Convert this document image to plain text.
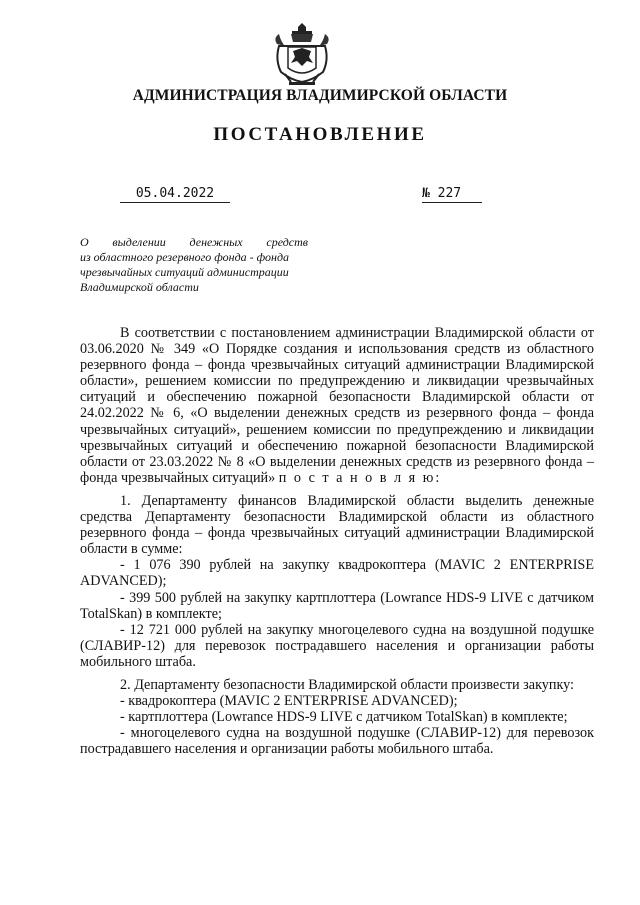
АДМИНИСТРАЦИЯ ВЛАДИМИРСКОЙ ОБЛАСТИ
ПОСТАНОВЛЕНИЕ
05.04.2022	№ 227
О выделении денежных средств
из областного резервного фонда - фонда
чрезвычайных ситуаций администрации
Владимирской области

В соответствии с постановлением администрации Владимирской области от 03.06.2020 № 349 «О Порядке создания и использования средств из областного резервного фонда – фонда чрезвычайных ситуаций администрации Владимирской области», решением комиссии по предупреждению и ликвидации чрезвычайных ситуаций и обеспечению пожарной безопасности Владимирской области от 24.02.2022 № 6, «О выделении денежных средств из резервного фонда – фонда чрезвычайных ситуаций», решением комиссии по предупреждению и ликвидации чрезвычайных ситуаций и обеспечению пожарной безопасности Владимирской области от 23.03.2022 № 8 «О выделении денежных средств из резервного фонда – фонда чрезвычайных ситуаций» п о с т а н о в л я ю:

1. Департаменту финансов Владимирской области выделить денежные средства Департаменту безопасности Владимирской области из областного резервного фонда – фонда чрезвычайных ситуаций администрации Владимирской области в сумме:

- 1 076 390 рублей на закупку квадрокоптера (MAVIC 2 ENTERPRISE ADVANCED);

- 399 500 рублей на закупку картплоттера (Lowrance HDS-9 LIVE с датчиком TotalSkan) в комплекте;

- 12 721 000 рублей на закупку многоцелевого судна на воздушной подушке (СЛАВИР-12) для перевозок пострадавшего населения и организации работы мобильного штаба.

2. Департаменту безопасности Владимирской области произвести закупку:

- квадрокоптера (MAVIC 2 ENTERPRISE ADVANCED);

- картплоттера (Lowrance HDS-9 LIVE с датчиком TotalSkan) в комплекте;

- многоцелевого судна на воздушной подушке (СЛАВИР-12) для перевозок пострадавшего населения и организации работы мобильного штаба.
